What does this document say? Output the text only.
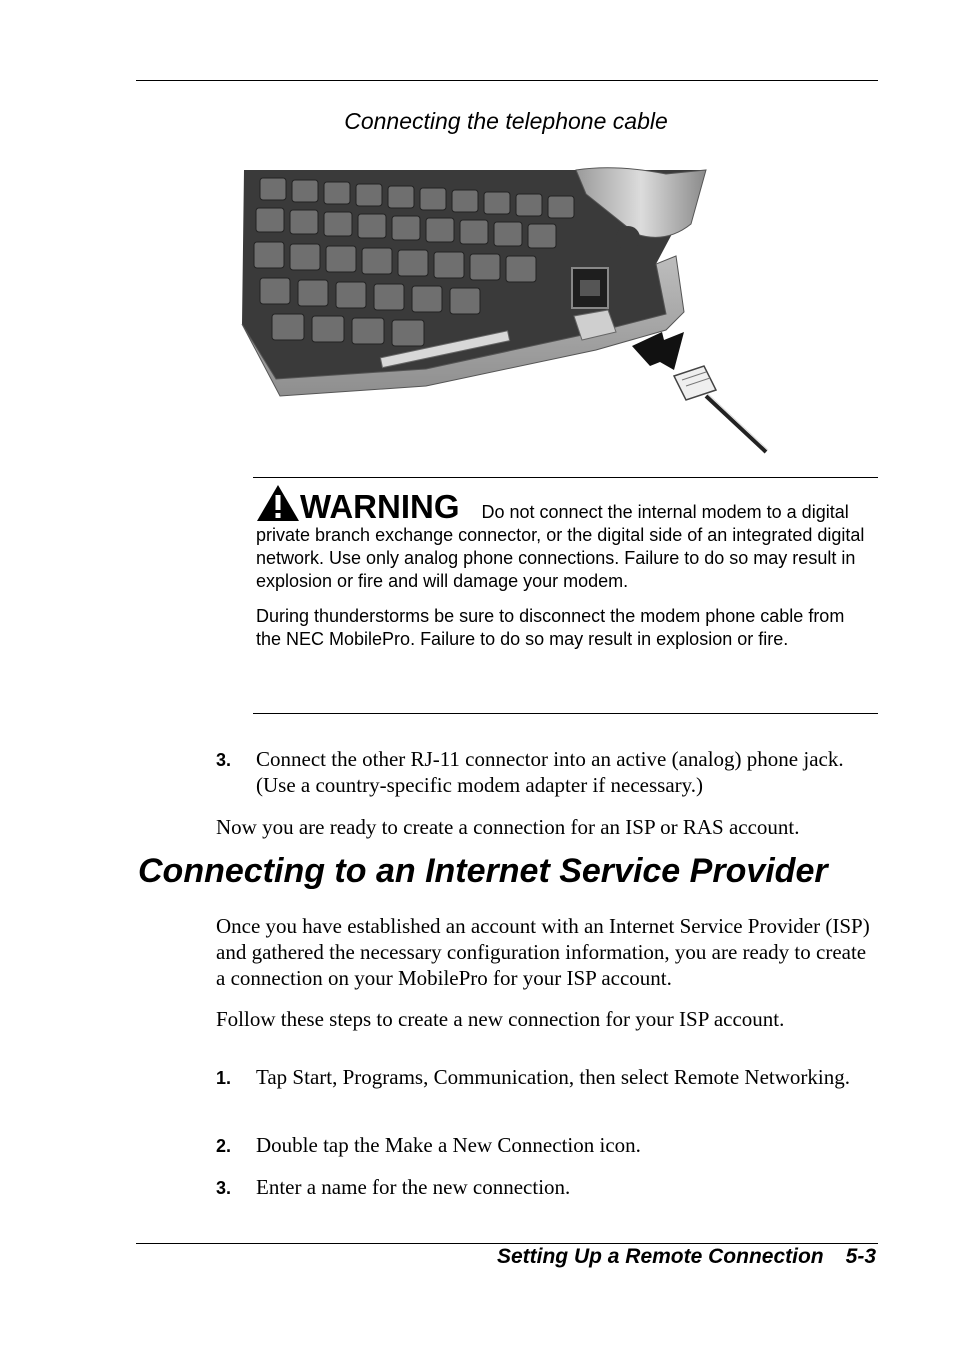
Connecting the telephone cable

WARNING Do not connect the internal modem to a digital private branch exchange connector, or the digital side of an integrated digital network. Use only analog phone connections. Failure to do so may result in explosion or fire and will damage your modem.

During thunderstorms be sure to disconnect the modem phone cable from the NEC MobilePro. Failure to do so may result in explosion or fire.

3. Connect the other RJ-11 connector into an active (analog) phone jack. (Use a country-specific modem adapter if necessary.)

Now you are ready to create a connection for an ISP or RAS account.

Connecting to an Internet Service Provider

Once you have established an account with an Internet Service Provider (ISP) and gathered the necessary configuration information, you are ready to create a connection on your MobilePro for your ISP account.

Follow these steps to create a new connection for your ISP account.

1. Tap Start, Programs, Communication, then select Remote Networking.
2. Double tap the Make a New Connection icon.
3. Enter a name for the new connection.
Setting Up a Remote Connection 5-3
